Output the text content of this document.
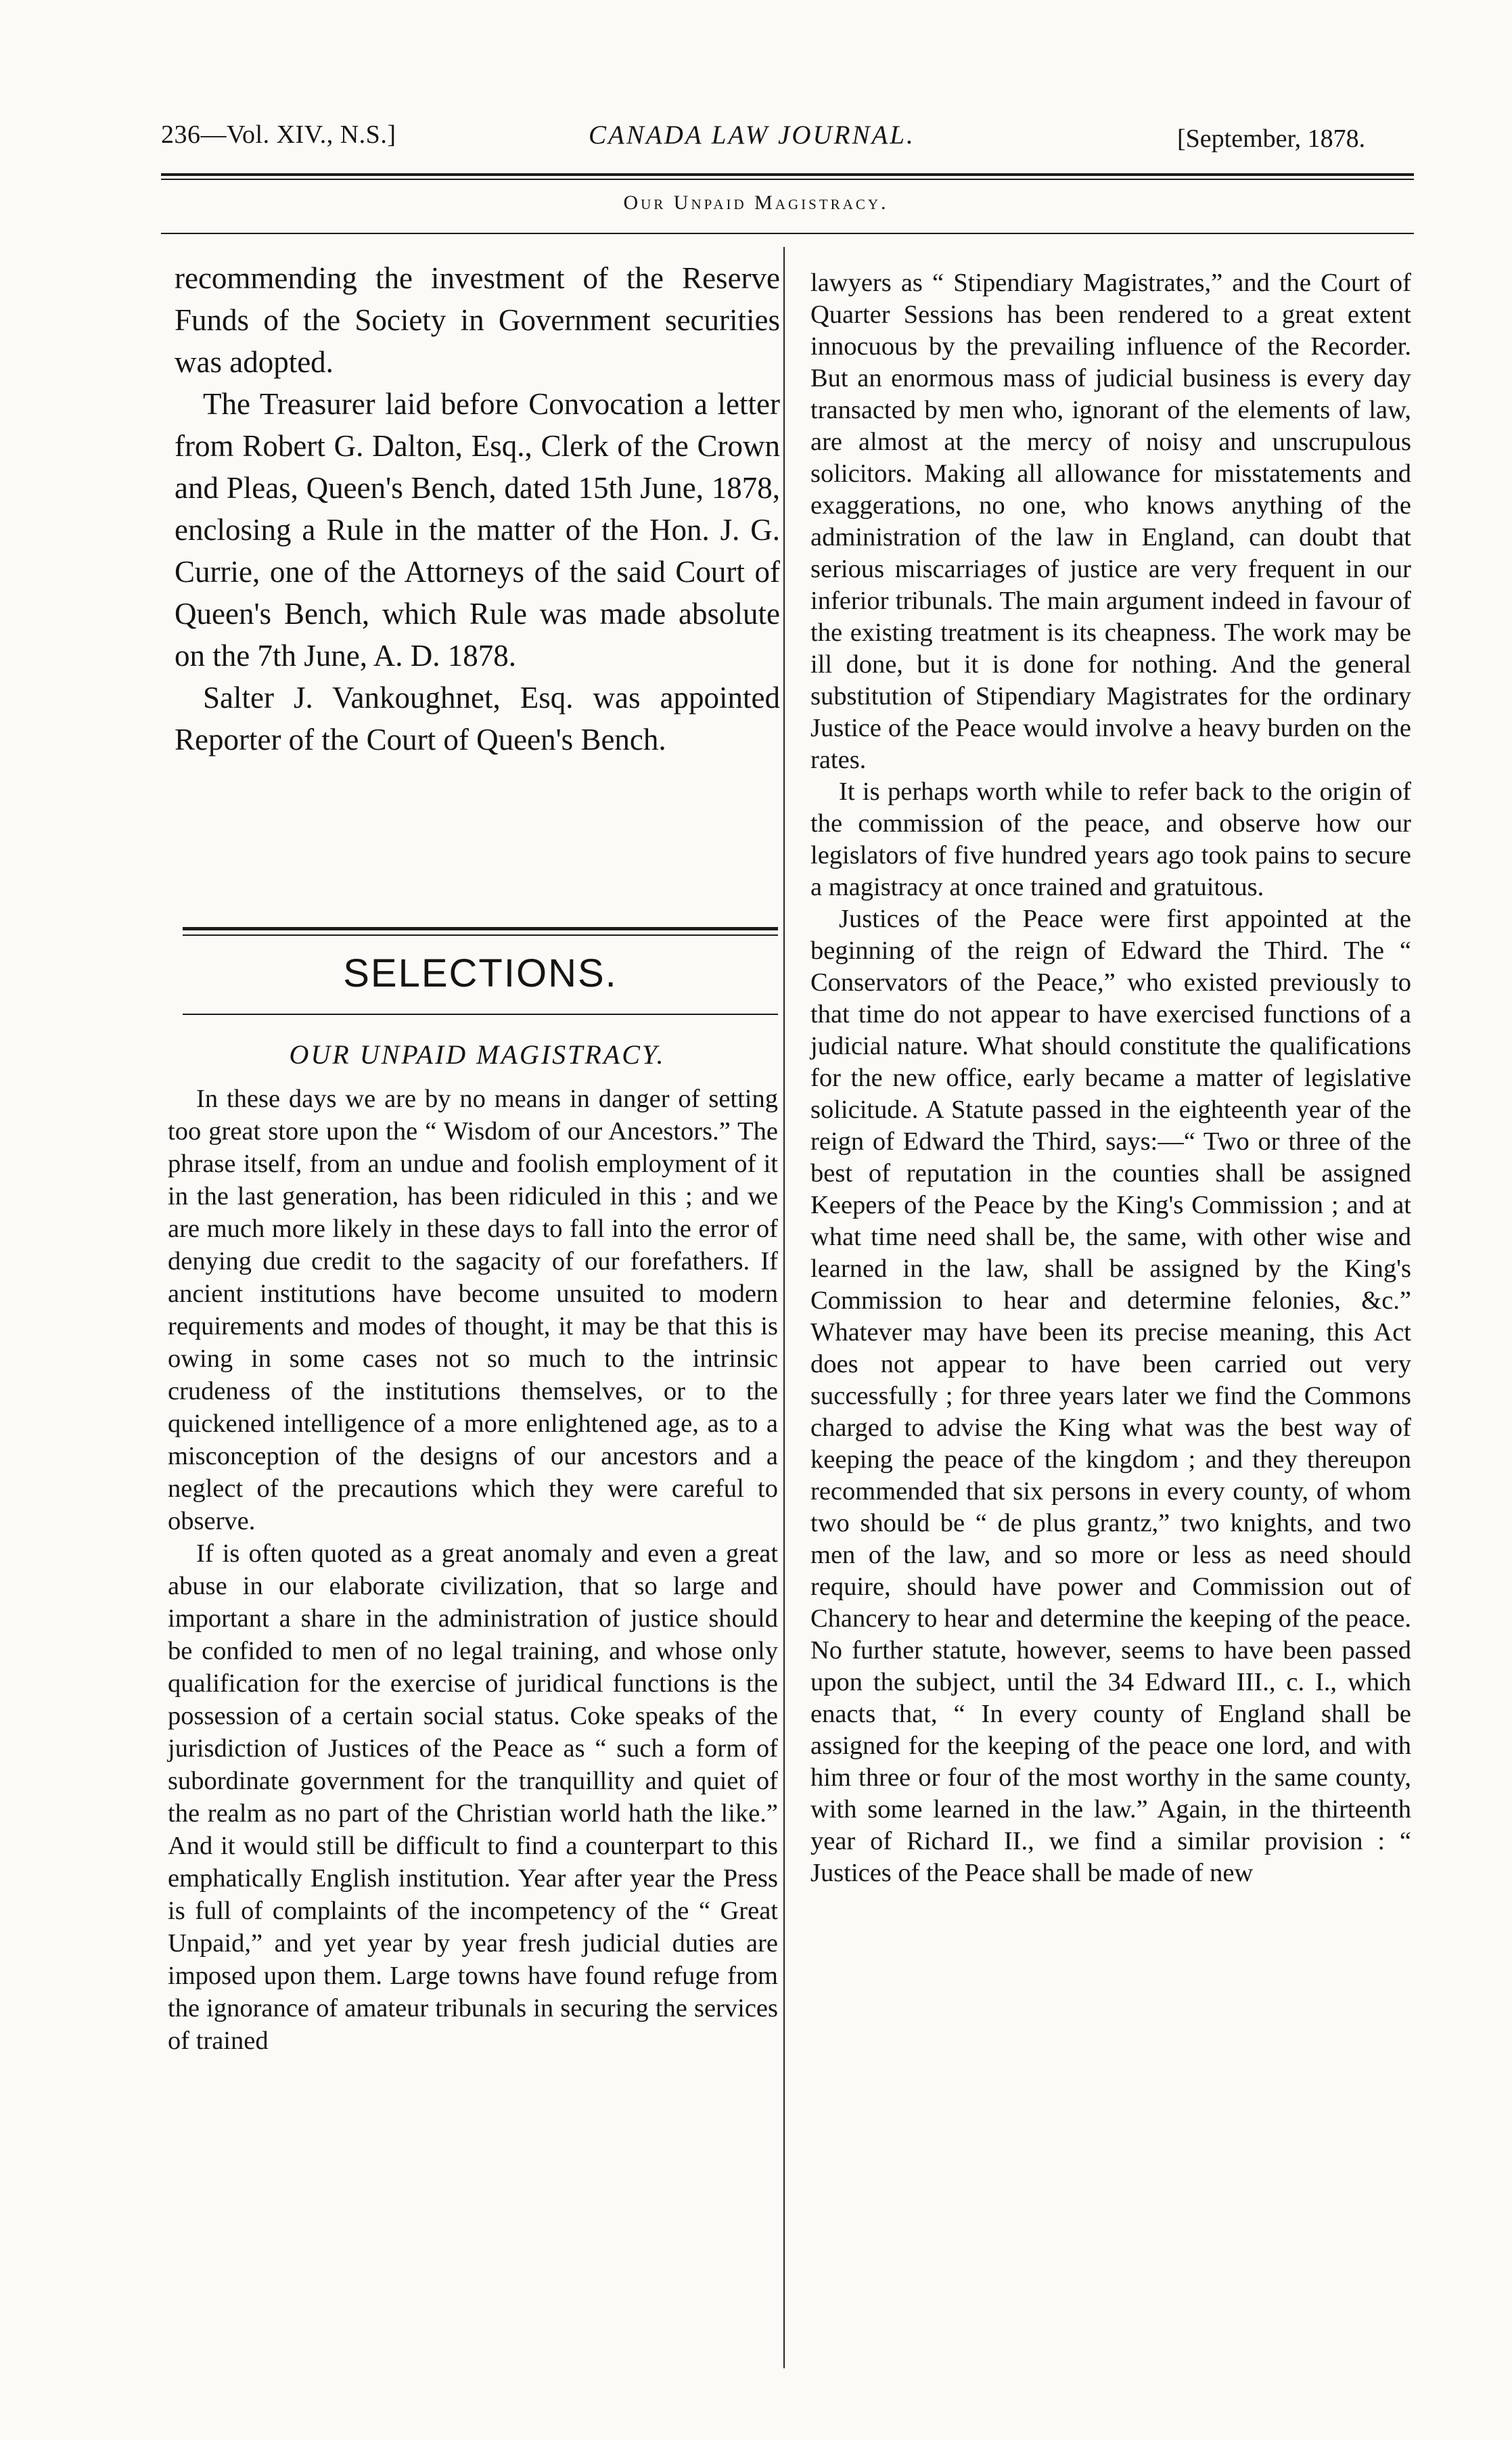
236—Vol. XIV., N.S.]	CANADA LAW JOURNAL.	[September, 1878.
Our Unpaid Magistracy.

recommending the investment of the Reserve Funds of the Society in Government securities was adopted.

The Treasurer laid before Convocation a letter from Robert G. Dalton, Esq., Clerk of the Crown and Pleas, Queen's Bench, dated 15th June, 1878, enclosing a Rule in the matter of the Hon. J. G. Currie, one of the Attorneys of the said Court of Queen's Bench, which Rule was made absolute on the 7th June, A. D. 1878.

Salter J. Vankoughnet, Esq. was appointed Reporter of the Court of Queen's Bench.

SELECTIONS.
OUR UNPAID MAGISTRACY.

In these days we are by no means in danger of setting too great store upon the “ Wisdom of our Ancestors.” The phrase itself, from an undue and foolish employment of it in the last generation, has been ridiculed in this ; and we are much more likely in these days to fall into the error of denying due credit to the sagacity of our forefathers. If ancient institutions have become unsuited to modern requirements and modes of thought, it may be that this is owing in some cases not so much to the intrinsic crudeness of the institutions themselves, or to the quickened intelligence of a more enlightened age, as to a misconception of the designs of our ancestors and a neglect of the precautions which they were careful to observe.

If is often quoted as a great anomaly and even a great abuse in our elaborate civilization, that so large and important a share in the administration of justice should be confided to men of no legal training, and whose only qualification for the exercise of juridical functions is the possession of a certain social status. Coke speaks of the jurisdiction of Justices of the Peace as “ such a form of subordinate government for the tranquillity and quiet of the realm as no part of the Christian world hath the like.” And it would still be difficult to find a counterpart to this emphatically English institution. Year after year the Press is full of complaints of the incompetency of the “ Great Unpaid,” and yet year by year fresh judicial duties are imposed upon them. Large towns have found refuge from the ignorance of amateur tribunals in securing the services of trained

lawyers as “ Stipendiary Magistrates,” and the Court of Quarter Sessions has been rendered to a great extent innocuous by the prevailing influence of the Recorder. But an enormous mass of judicial business is every day transacted by men who, ignorant of the elements of law, are almost at the mercy of noisy and unscrupulous solicitors. Making all allowance for misstatements and exaggerations, no one, who knows anything of the administration of the law in England, can doubt that serious miscarriages of justice are very frequent in our inferior tribunals. The main argument indeed in favour of the existing treatment is its cheapness. The work may be ill done, but it is done for nothing. And the general substitution of Stipendiary Magistrates for the ordinary Justice of the Peace would involve a heavy burden on the rates.

It is perhaps worth while to refer back to the origin of the commission of the peace, and observe how our legislators of five hundred years ago took pains to secure a magistracy at once trained and gratuitous.

Justices of the Peace were first appointed at the beginning of the reign of Edward the Third. The “ Conservators of the Peace,” who existed previously to that time do not appear to have exercised functions of a judicial nature. What should constitute the qualifications for the new office, early became a matter of legislative solicitude. A Statute passed in the eighteenth year of the reign of Edward the Third, says:—“ Two or three of the best of reputation in the counties shall be assigned Keepers of the Peace by the King's Commission ; and at what time need shall be, the same, with other wise and learned in the law, shall be assigned by the King's Commission to hear and determine felonies, &c.” Whatever may have been its precise meaning, this Act does not appear to have been carried out very successfully ; for three years later we find the Commons charged to advise the King what was the best way of keeping the peace of the kingdom ; and they thereupon recommended that six persons in every county, of whom two should be “ de plus grantz,” two knights, and two men of the law, and so more or less as need should require, should have power and Commission out of Chancery to hear and determine the keeping of the peace. No further statute, however, seems to have been passed upon the subject, until the 34 Edward III., c. I., which enacts that, “ In every county of England shall be assigned for the keeping of the peace one lord, and with him three or four of the most worthy in the same county, with some learned in the law.” Again, in the thirteenth year of Richard II., we find a similar provision : “ Justices of the Peace shall be made of new
